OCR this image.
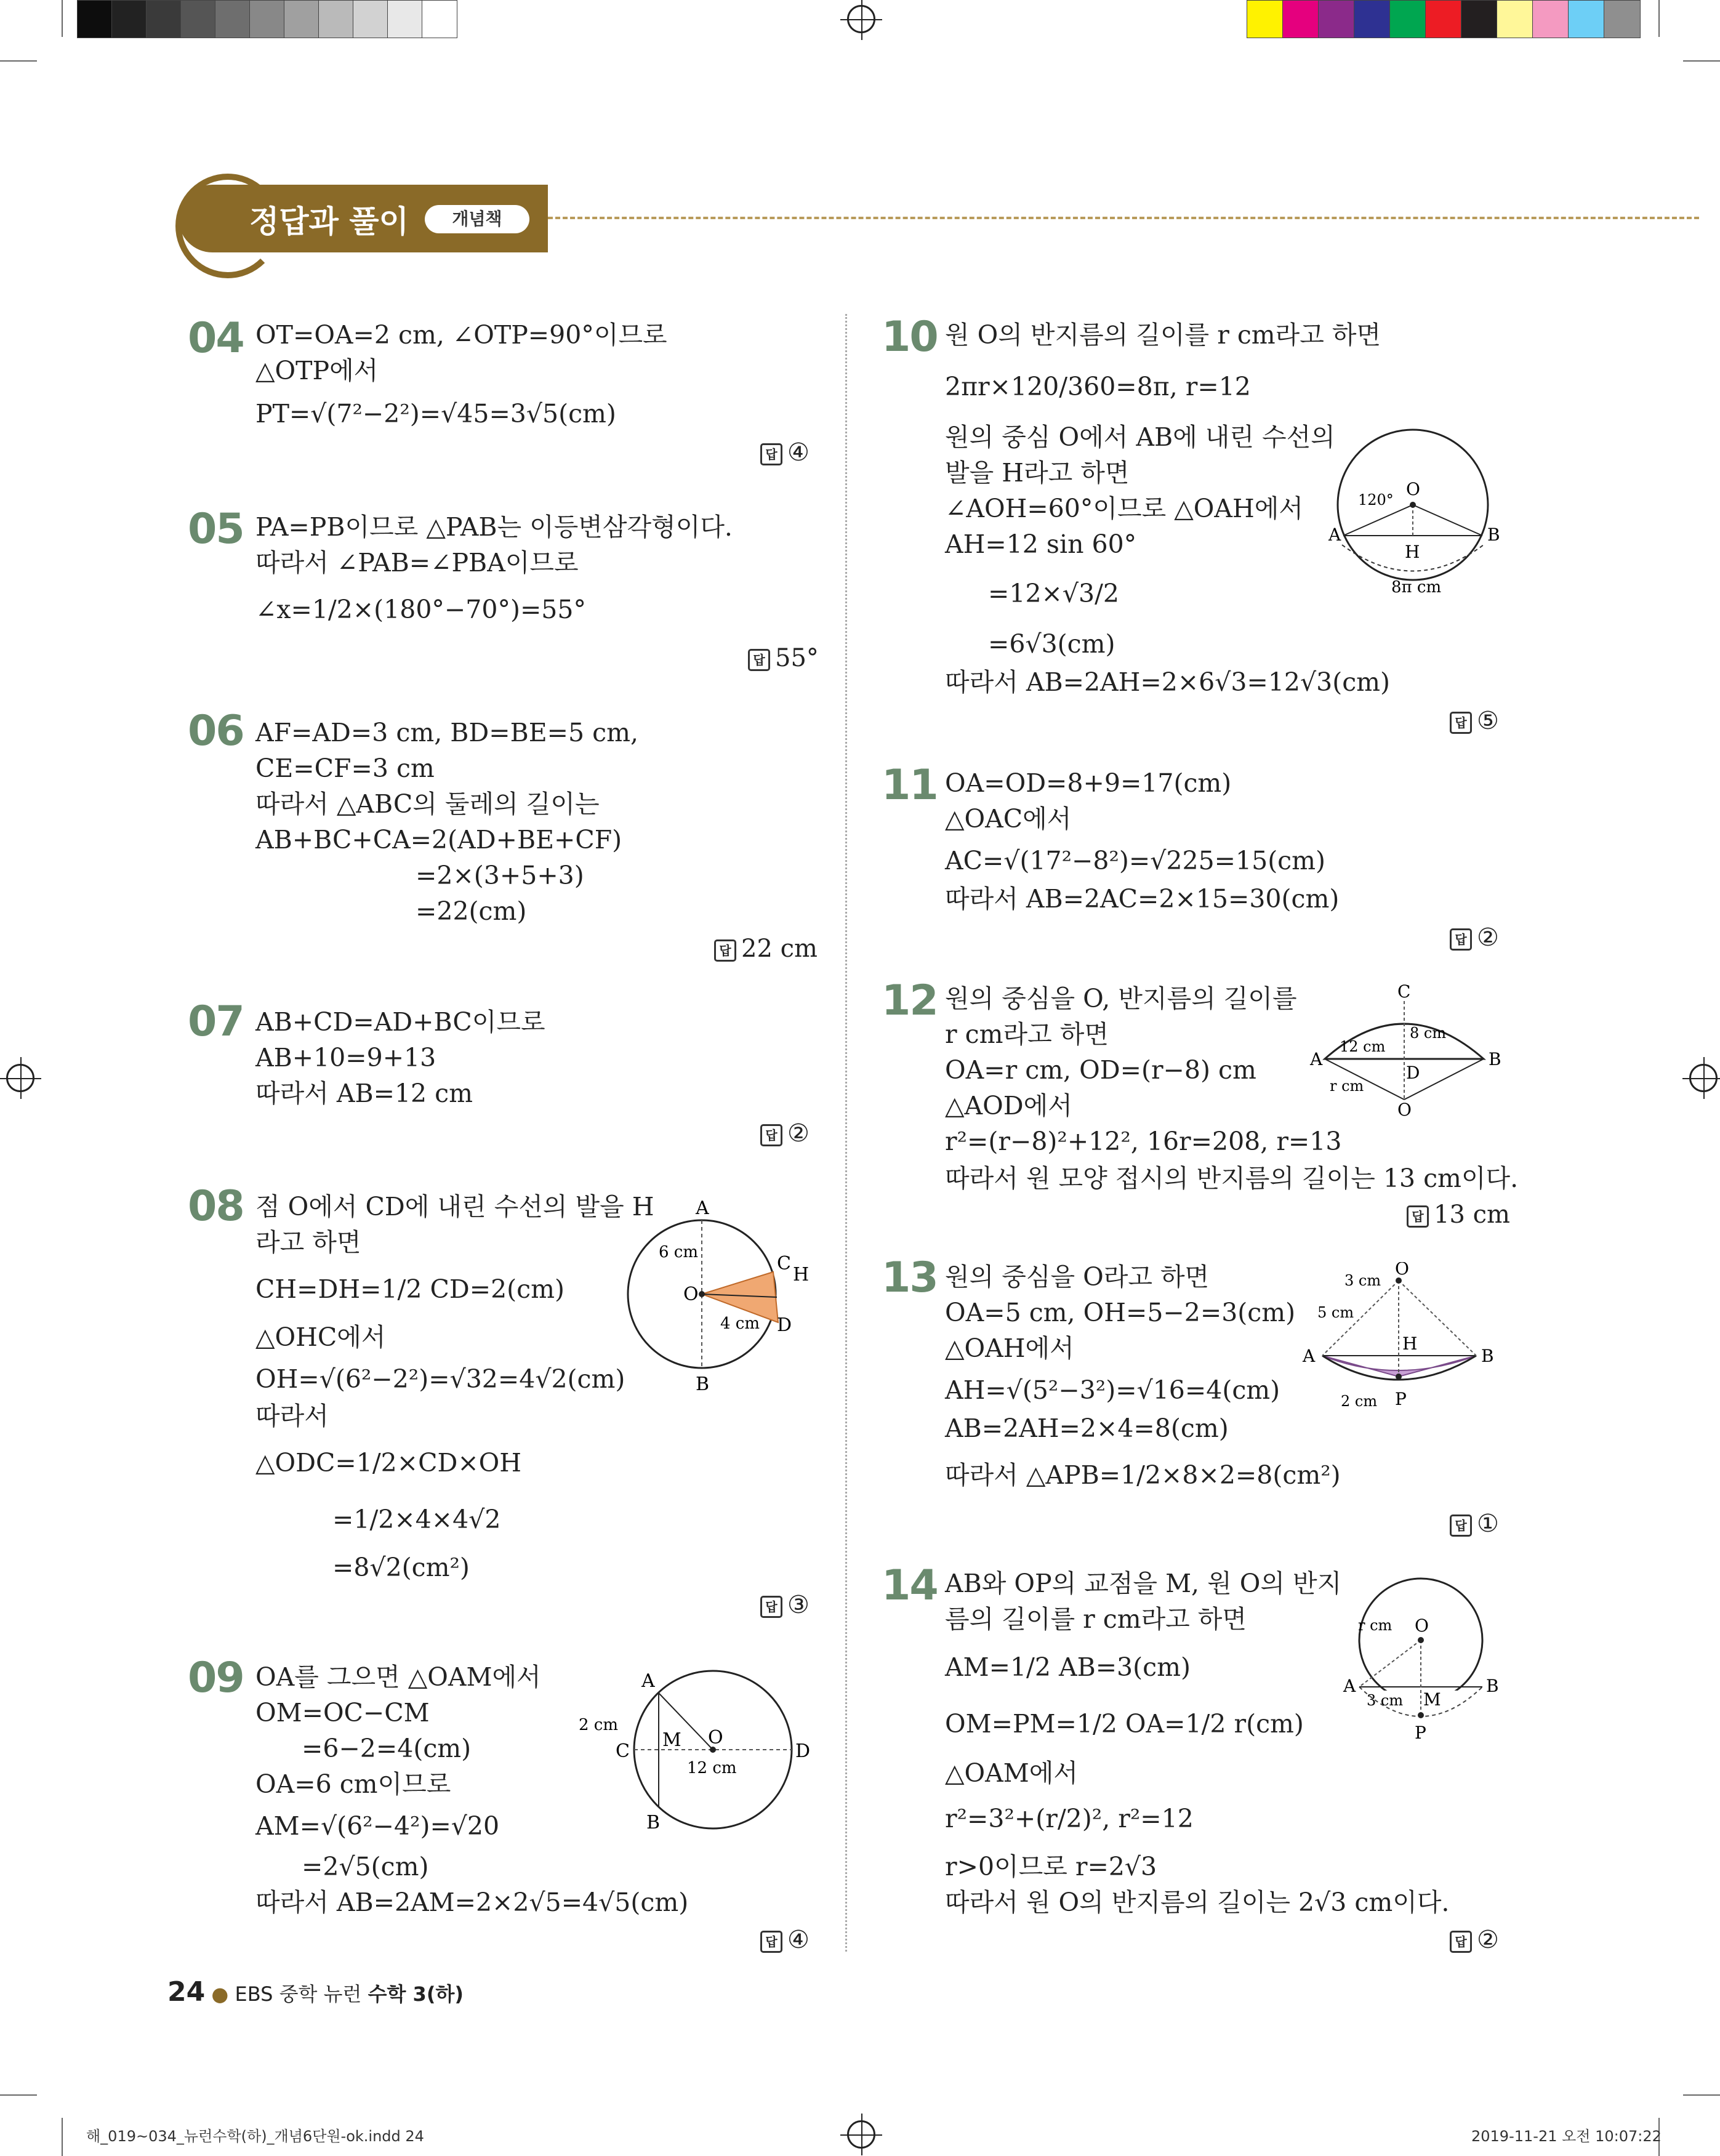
정답과 풀이	개념책
04 OT=OA=2 cm, ∠OTP=90°이므로
△OTP에서
PT=√(7²−2²)=√45=3√5(cm)
답 ④
05 PA=PB이므로 △PAB는 이등변삼각형이다.
따라서 ∠PAB=∠PBA이므로
∠x=1/2×(180°−70°)=55°
답 55°
06 AF=AD=3 cm, BD=BE=5 cm,
CE=CF=3 cm
따라서 △ABC의 둘레의 길이는
AB+BC+CA=2(AD+BE+CF)
=2×(3+5+3)
=22(cm)
답 22 cm
07 AB+CD=AD+BC이므로
AB+10=9+13
따라서 AB=12 cm
답 ②
08 점 O에서 CD에 내린 수선의 발을 H
라고 하면
CH=DH=1/2 CD=2(cm)
△OHC에서
OH=√(6²−2²)=√32=4√2(cm)
따라서
△ODC=1/2×CD×OH
=1/2×4×4√2
=8√2(cm²)
답 ③
A
B
O
C
H
D
6 cm
4 cm
09 OA를 그으면 △OAM에서
OM=OC−CM
=6−2=4(cm)
OA=6 cm이므로
AM=√(6²−4²)=√20
=2√5(cm)
따라서 AB=2AM=2×2√5=4√5(cm)
답 ④
A
B
C	D
M O
2 cm
12 cm
10 원 O의 반지름의 길이를 r cm라고 하면
2πr×120/360=8π, r=12
원의 중심 O에서 AB에 내린 수선의
발을 H라고 하면
∠AOH=60°이므로 △OAH에서
AH=12 sin 60°
=12×√3/2
=6√3(cm)
따라서 AB=2AH=2×6√3=12√3(cm)
답 ⑤
O
120°
A	B
H
8π cm
11 OA=OD=8+9=17(cm)
△OAC에서
AC=√(17²−8²)=√225=15(cm)
따라서 AB=2AC=2×15=30(cm)
답 ②
12 원의 중심을 O, 반지름의 길이를
r cm라고 하면
OA=r cm, OD=(r−8) cm
△AOD에서
r²=(r−8)²+12², 16r=208, r=13
따라서 원 모양 접시의 반지름의 길이는 13 cm이다.
답 13 cm
C
A	B
D
O
12 cm
8 cm
r cm
13 원의 중심을 O라고 하면
OA=5 cm, OH=5−2=3(cm)
△OAH에서
AH=√(5²−3²)=√16=4(cm)
AB=2AH=2×4=8(cm)
따라서 △APB=1/2×8×2=8(cm²)
답 ①
3 cm
O
5 cm
H
A	B
2 cm P
14 AB와 OP의 교점을 M, 원 O의 반지
름의 길이를 r cm라고 하면
AM=1/2 AB=3(cm)
OM=PM=1/2 OA=1/2 r(cm)
△OAM에서
r²=3²+(r/2)², r²=12
r>0이므로 r=2√3
따라서 원 O의 반지름의 길이는 2√3 cm이다.
답 ②
r cm O
A	B
3 cm M
P
24 ● EBS 중학 뉴런 수학 3(하)
해_019~034_뉴런수학(하)_개념6단원-ok.indd 24	2019-11-21 오전 10:07:22
